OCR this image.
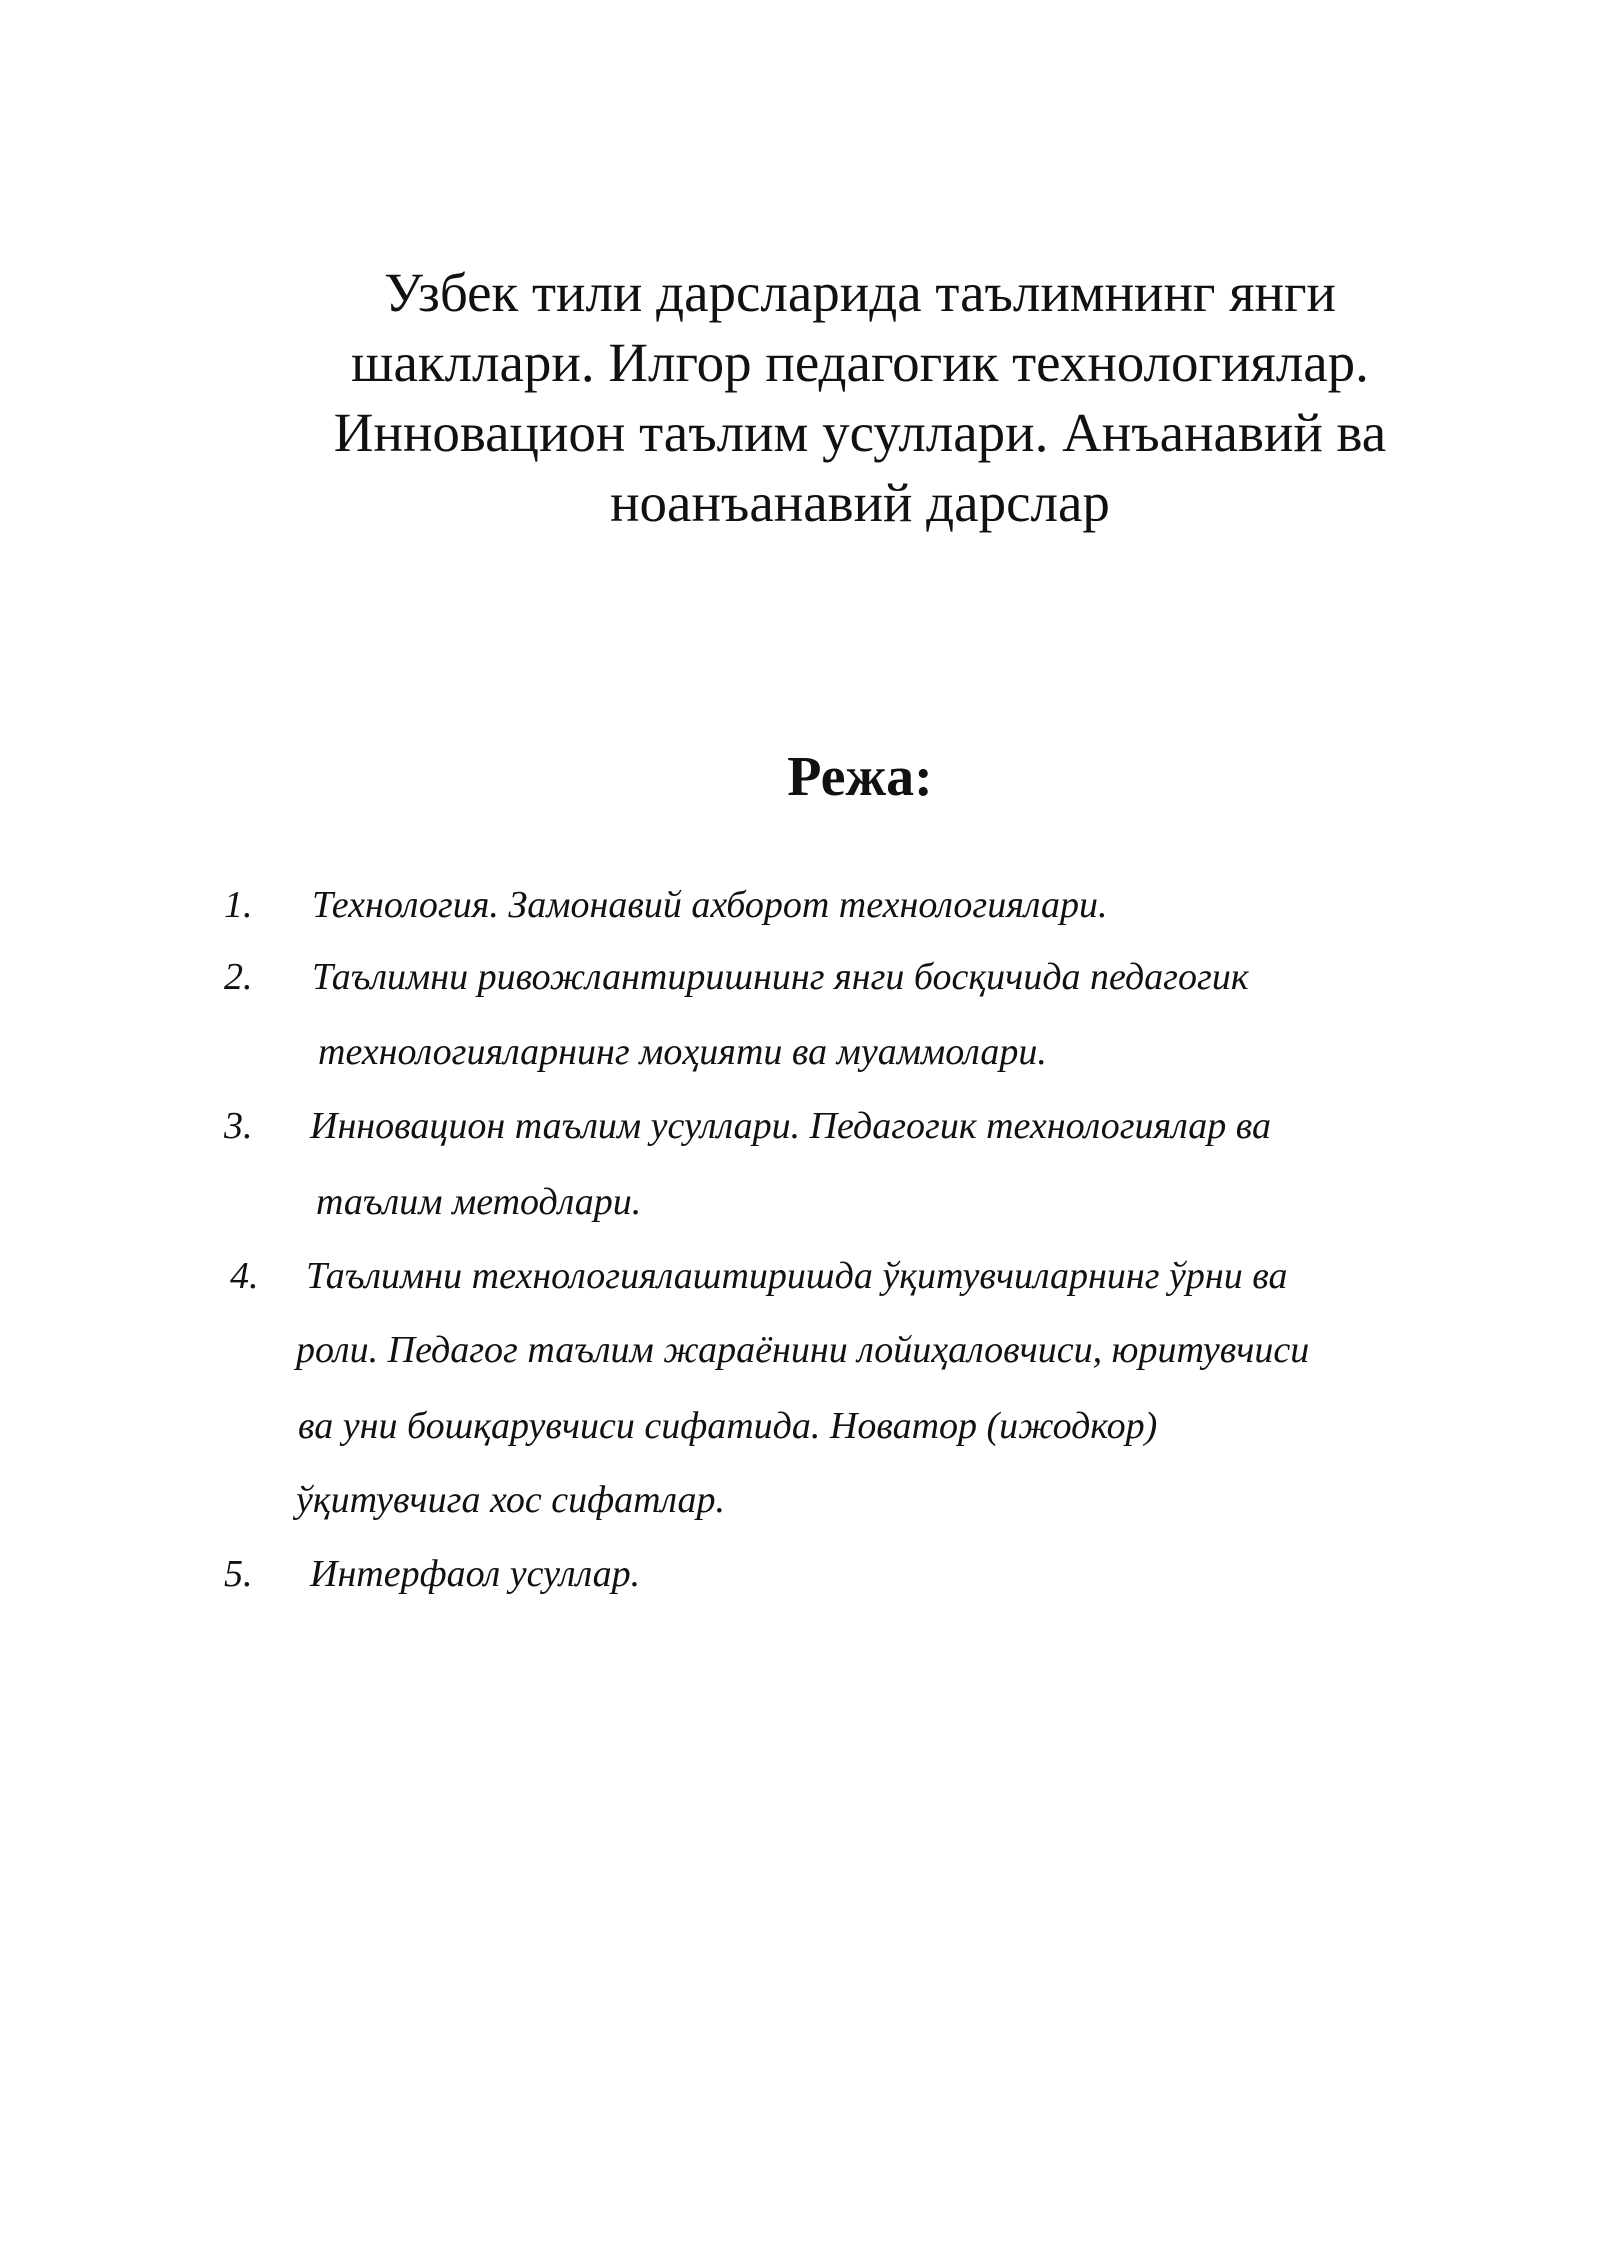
Узбек тили дарсларида таълимнинг янги
шакллари. Илгор педагогик технологиялар.
Инновацион таълим усуллари. Анъанавий ва
ноанъанавий дарслар
Режа:
1. Технология. Замонавий ахборот технологиялари.
2. Таълимни ривожлантиришнинг янги босқичида педагогик
технологияларнинг моҳияти ва муаммолари.
3. Инновацион таълим усуллари. Педагогик технологиялар ва
таълим методлари.
4. Таълимни технологиялаштиришда ўқитувчиларнинг ўрни ва
роли. Педагог таълим жараёнини лойиҳаловчиси, юритувчиси
ва уни бошқарувчиси сифатида. Новатор (ижодкор)
ўқитувчига хос сифатлар.
5. Интерфаол усуллар.
